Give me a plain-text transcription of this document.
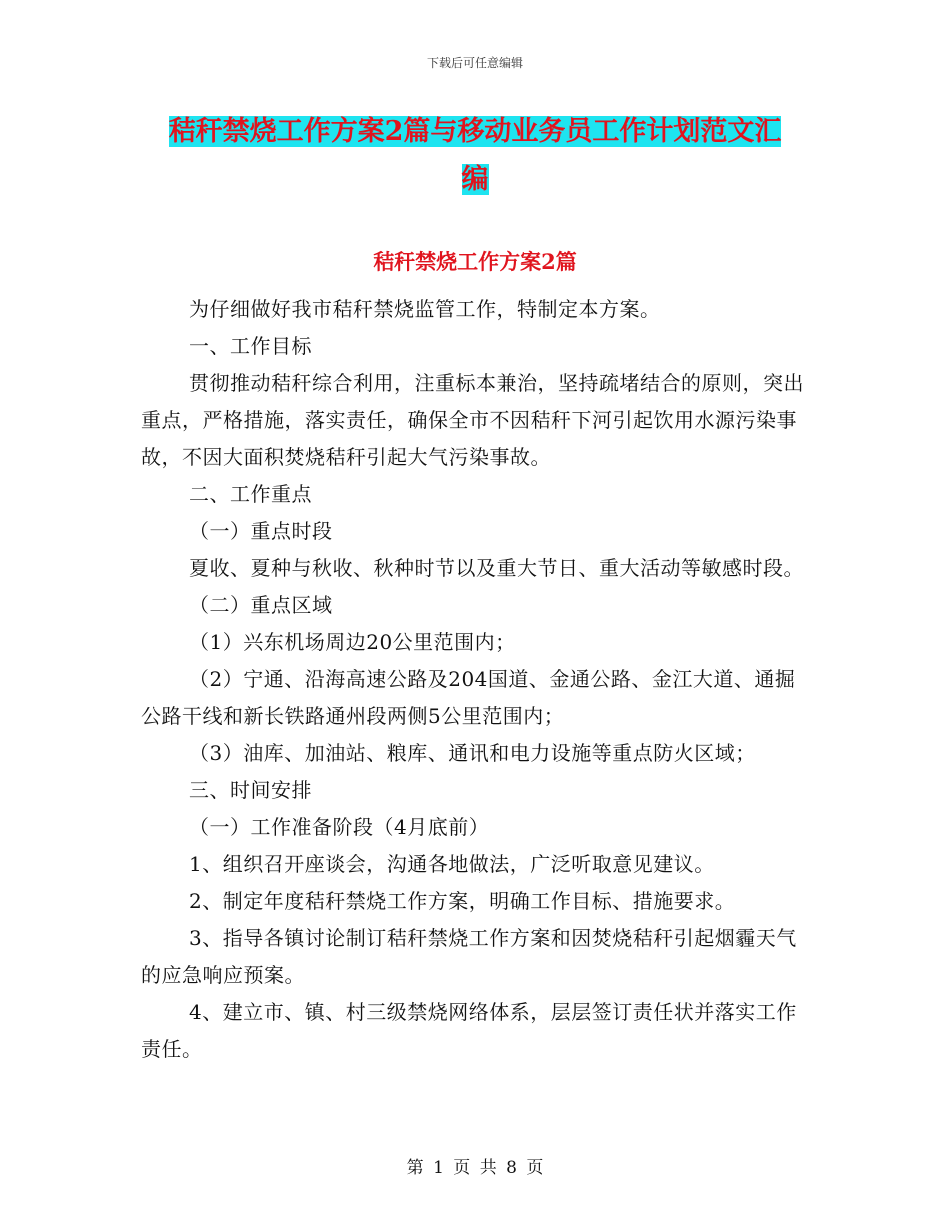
下载后可任意编辑
秸秆禁烧工作方案2篇与移动业务员工作计划范文汇
编
秸秆禁烧工作方案2篇

为仔细做好我市秸秆禁烧监管工作，特制定本方案。

一、工作目标

贯彻推动秸秆综合利用，注重标本兼治，坚持疏堵结合的原则，突出重点，严格措施，落实责任，确保全市不因秸秆下河引起饮用水源污染事故，不因大面积焚烧秸秆引起大气污染事故。

二、工作重点

（一）重点时段

夏收、夏种与秋收、秋种时节以及重大节日、重大活动等敏感时段。

（二）重点区域

（1）兴东机场周边20公里范围内；

（2）宁通、沿海高速公路及204国道、金通公路、金江大道、通掘公路干线和新长铁路通州段两侧5公里范围内；

（3）油库、加油站、粮库、通讯和电力设施等重点防火区域；

三、时间安排

（一）工作准备阶段（4月底前）

1、组织召开座谈会，沟通各地做法，广泛听取意见建议。

2、制定年度秸秆禁烧工作方案，明确工作目标、措施要求。

3、指导各镇讨论制订秸秆禁烧工作方案和因焚烧秸秆引起烟霾天气的应急响应预案。

4、建立市、镇、村三级禁烧网络体系，层层签订责任状并落实工作责任。

第 1 页 共 8 页
